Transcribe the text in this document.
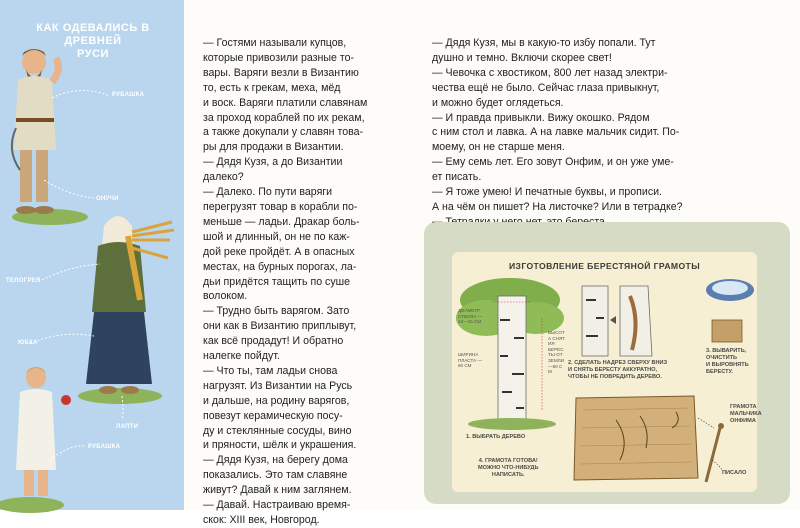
КАК ОДЕВАЛИСЬ В ДРЕВНЕЙ
РУСИ
РУБАШКА
ОНУЧИ
ТЕЛОГРЕЯ
ЮБКА
ЛАПТИ
РУБАШКА

— Гостями называли купцов,

которые привозили разные то-

вары. Варяги везли в Византию

то, есть к грекам, меха, мёд

и воск. Варяги платили славянам

за проход кораблей по их рекам,

а также докупали у славян това-

ры для продажи в Византии.

— Дядя Кузя, а до Византии

далеко?

— Далеко. По пути варяги

перегрузят товар в корабли по-

меньше — ладьи. Дракар боль-

шой и длинный, он не по каж-

дой реке пройдёт. А в опасных

местах, на бурных порогах, ла-

дьи придётся тащить по суше

волоком.

— Трудно быть варягом. Зато

они как в Византию приплывут,

как всё продадут! И обратно

налегке пойдут.

— Что ты, там ладьи снова

нагрузят. Из Византии на Русь

и дальше, на родину варягов,

повезут керамическую посу-

ду и стеклянные сосуды, вино

и пряности, шёлк и украшения.

— Дядя Кузя, на берегу дома

показались. Это там славяне

живут? Давай к ним заглянем.

— Давай. Настраиваю время-

скок: XIII век, Новгород.

— Дядя Кузя, мы в какую-то избу попали. Тут

душно и темно. Включи скорее свет!

— Чевочка с хвостиком, 800 лет назад электри-

чества ещё не было. Сейчас глаза привыкнут,

и можно будет оглядеться.

— И правда привыкли. Вижу окошко. Рядом

с ним стол и лавка. А на лавке мальчик сидит. По-

моему, он не старше меня.

— Ему семь лет. Его зовут Онфим, и он уже уме-

ет писать.

— Я тоже умею! И печатные буквы, и прописи.

А на чём он пишет? На листочке? Или в тетрадке?

ИЗГОТОВЛЕНИЕ БЕРЕСТЯНОЙ ГРАМОТЫ
ДИАМЕТР
СТВОЛА —
13—15 СМ
ШИРИНА
ПЛАСТА —
60 СМ
ВЫСОТА СНЯТИЯ
БЕРЕСТЫ ОТ ЗЕМЛИ
—60 СМ
1. ВЫБРАТЬ ДЕРЕВО
2. СДЕЛАТЬ НАДРЕЗ СВЕРХУ ВНИЗ
И СНЯТЬ БЕРЕСТУ АККУРАТНО,
ЧТОБЫ НЕ ПОВРЕДИТЬ ДЕРЕВО.
3. ВЫВАРИТЬ,
ОЧИСТИТЬ
И ВЫРОВНЯТЬ
БЕРЕСТУ.
4. ГРАМОТА ГОТОВА!
МОЖНО ЧТО-НИБУДЬ
НАПИСАТЬ.
ГРАМОТА
МАЛЬЧИКА
ОНФИМА
ПИСАЛО
